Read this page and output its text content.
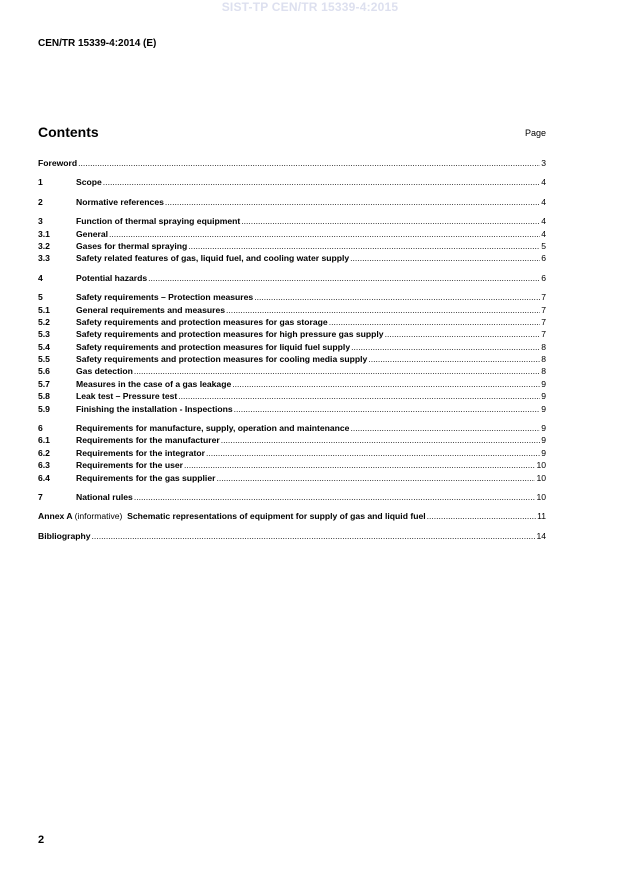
SIST-TP CEN/TR 15339-4:2015
CEN/TR 15339-4:2014 (E)
Contents	Page
Foreword .....	3
1	Scope .....	4
2	Normative references .....	4
3	Function of thermal spraying equipment .....	4
3.1	General .....	4
3.2	Gases for thermal spraying .....	5
3.3	Safety related features of gas, liquid fuel, and cooling water supply .....	6
4	Potential hazards .....	6
5	Safety requirements – Protection measures .....	7
5.1	General requirements and measures .....	7
5.2	Safety requirements and protection measures for gas storage .....	7
5.3	Safety requirements and protection measures for high pressure gas supply .....	7
5.4	Safety requirements and protection measures for liquid fuel supply .....	8
5.5	Safety requirements and protection measures for cooling media supply .....	8
5.6	Gas detection .....	8
5.7	Measures in the case of a gas leakage .....	9
5.8	Leak test – Pressure test .....	9
5.9	Finishing the installation - Inspections .....	9
6	Requirements for manufacture, supply, operation and maintenance .....	9
6.1	Requirements for the manufacturer .....	9
6.2	Requirements for the integrator .....	9
6.3	Requirements for the user .....	10
6.4	Requirements for the gas supplier .....	10
7	National rules .....	10
Annex A (informative) Schematic representations of equipment for supply of gas and liquid fuel .....	11
Bibliography .....	14
2
